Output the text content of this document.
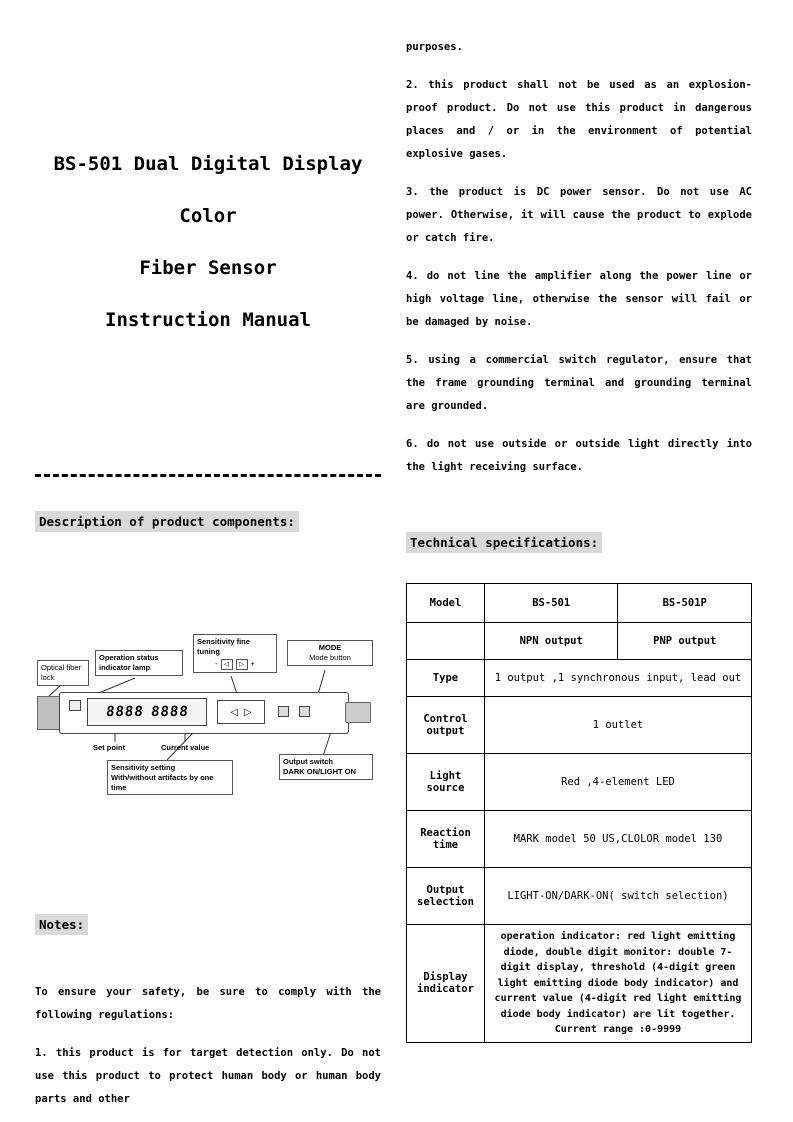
BS-501 Dual Digital Display Color
Fiber Sensor
Instruction Manual
Description of product components:
8888 8888	◁ ▷
Optical fiber lock
Operation status indicator lamp
Sensitivity fine tuning
-	◁	▷ +
MODE
Mode button
Set point	Current value
Sensitivity setting
With/without artifacts by one time
Output switch
DARK ON/LIGHT ON
Notes:

To ensure your safety, be sure to comply with the following regulations:

1. this product is for target detection only. Do not use this product to protect human body or human body parts and other

purposes.

2. this product shall not be used as an explosion-proof product. Do not use this product in dangerous places and / or in the environment of potential explosive gases.

3. the product is DC power sensor. Do not use AC power. Otherwise, it will cause the product to explode or catch fire.

4. do not line the amplifier along the power line or high voltage line, otherwise the sensor will fail or be damaged by noise.

5. using a commercial switch regulator, ensure that the frame grounding terminal and grounding terminal are grounded.

6. do not use outside or outside light directly into the light receiving surface.

Technical specifications:
Model	BS-501	BS-501P
	NPN output	PNP output
Type	1 output ,1 synchronous input, lead out	
Control output	1 outlet	
Light source	Red ,4-element LED	
Reaction time	MARK model 50 US,CLOLOR model 130	
Output selection	LIGHT-ON/DARK-ON( switch selection)	
Display indicator	operation indicator: red light emitting diode, double digit monitor: double 7-digit display, threshold (4-digit green light emitting diode body indicator) and current value (4-digit red light emitting diode body indicator) are lit together. Current range :0-9999	
